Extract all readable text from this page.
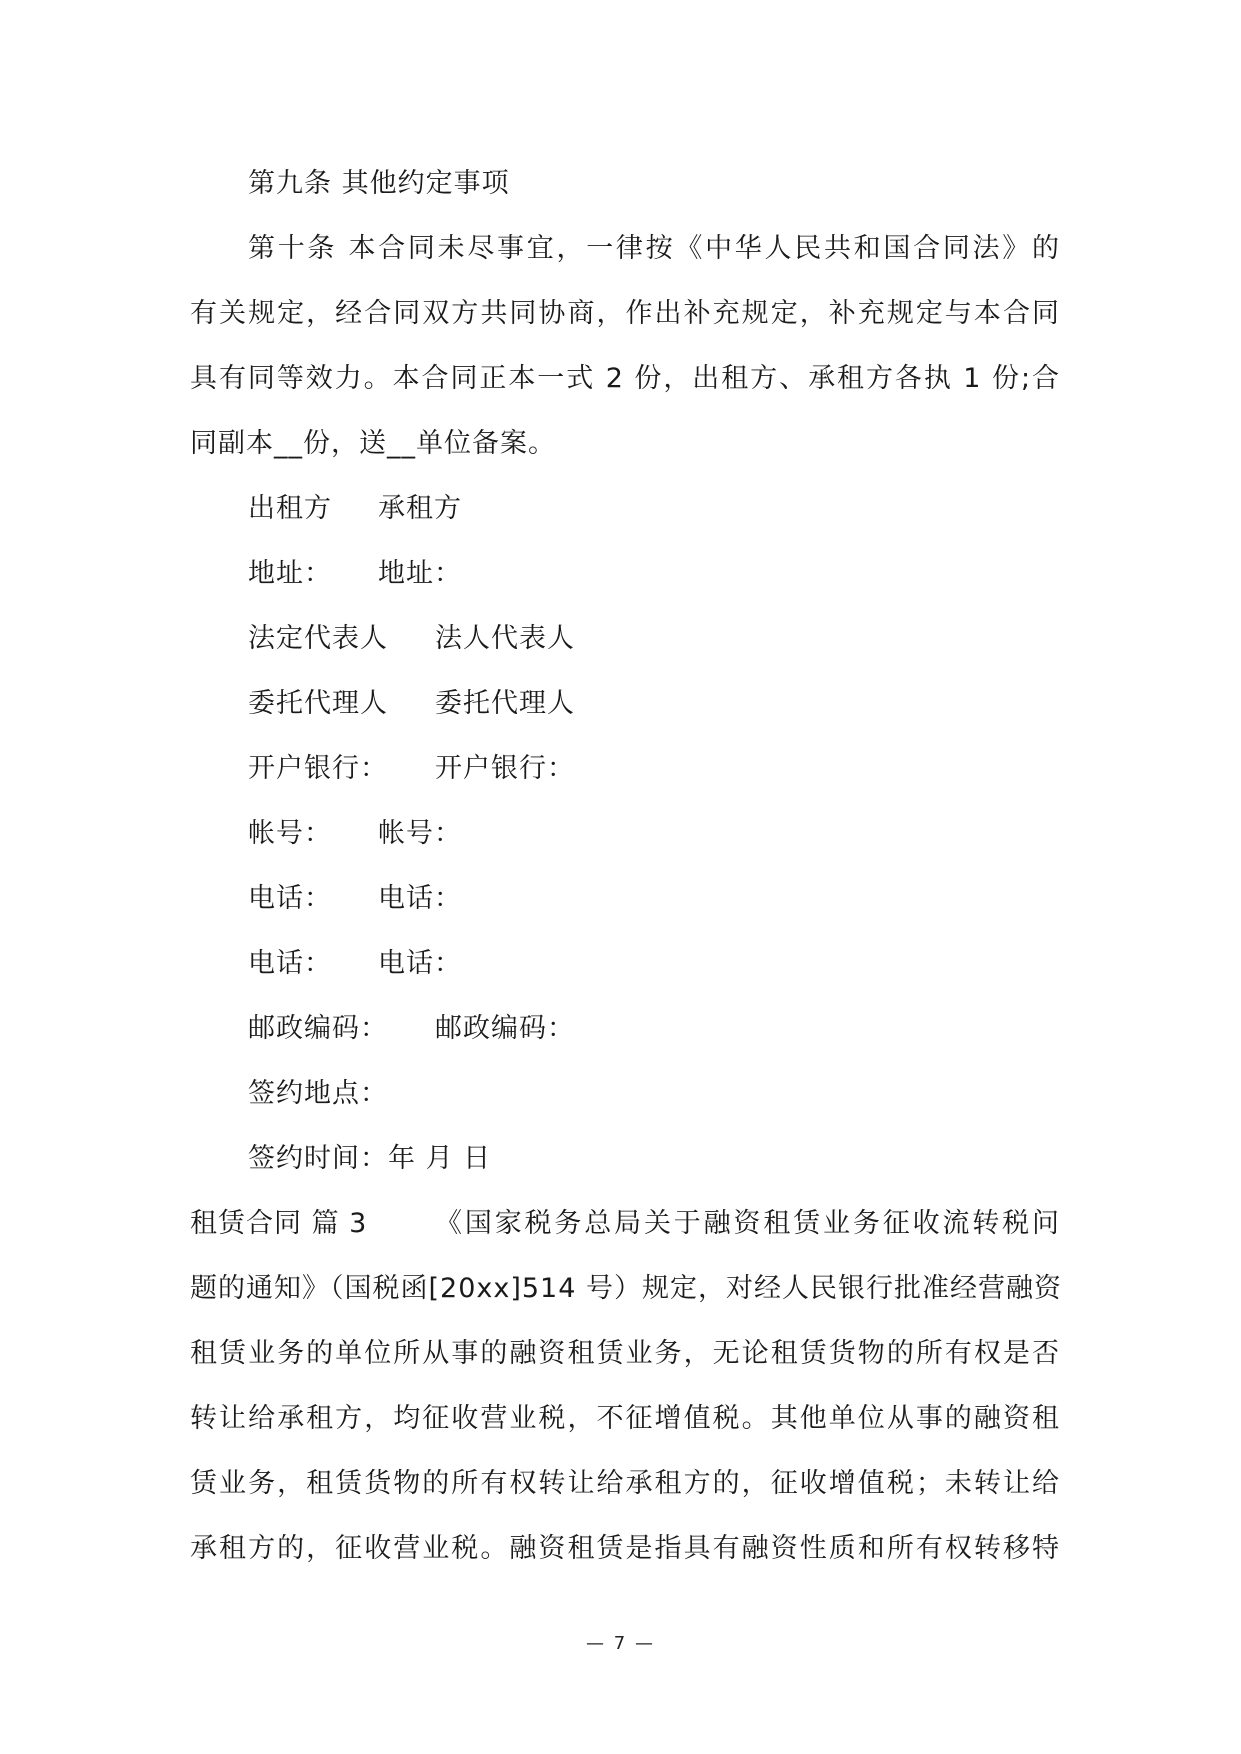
第九条 其他约定事项
第十条 本合同未尽事宜，一律按《中华人民共和国合同法》的
有关规定，经合同双方共同协商，作出补充规定，补充规定与本合同
具有同等效力。本合同正本一式 2 份，出租方、承租方各执 1 份;合
同副本__份，送__单位备案。
出租方 承租方
地址： 地址：
法定代表人 法人代表人
委托代理人 委托代理人
开户银行： 开户银行：
帐号： 帐号：
电话： 电话：
电话： 电话：
邮政编码： 邮政编码：
签约地点：
签约时间：年 月 日
租赁合同 篇 3	《国家税务总局关于融资租赁业务征收流转税问
题的通知》（国税函[20xx]514 号）规定，对经人民银行批准经营融资
租赁业务的单位所从事的融资租赁业务，无论租赁货物的所有权是否
转让给承租方，均征收营业税，不征增值税。其他单位从事的融资租
赁业务，租赁货物的所有权转让给承租方的，征收增值税；未转让给
承租方的，征收营业税。融资租赁是指具有融资性质和所有权转移特
— 7 —
